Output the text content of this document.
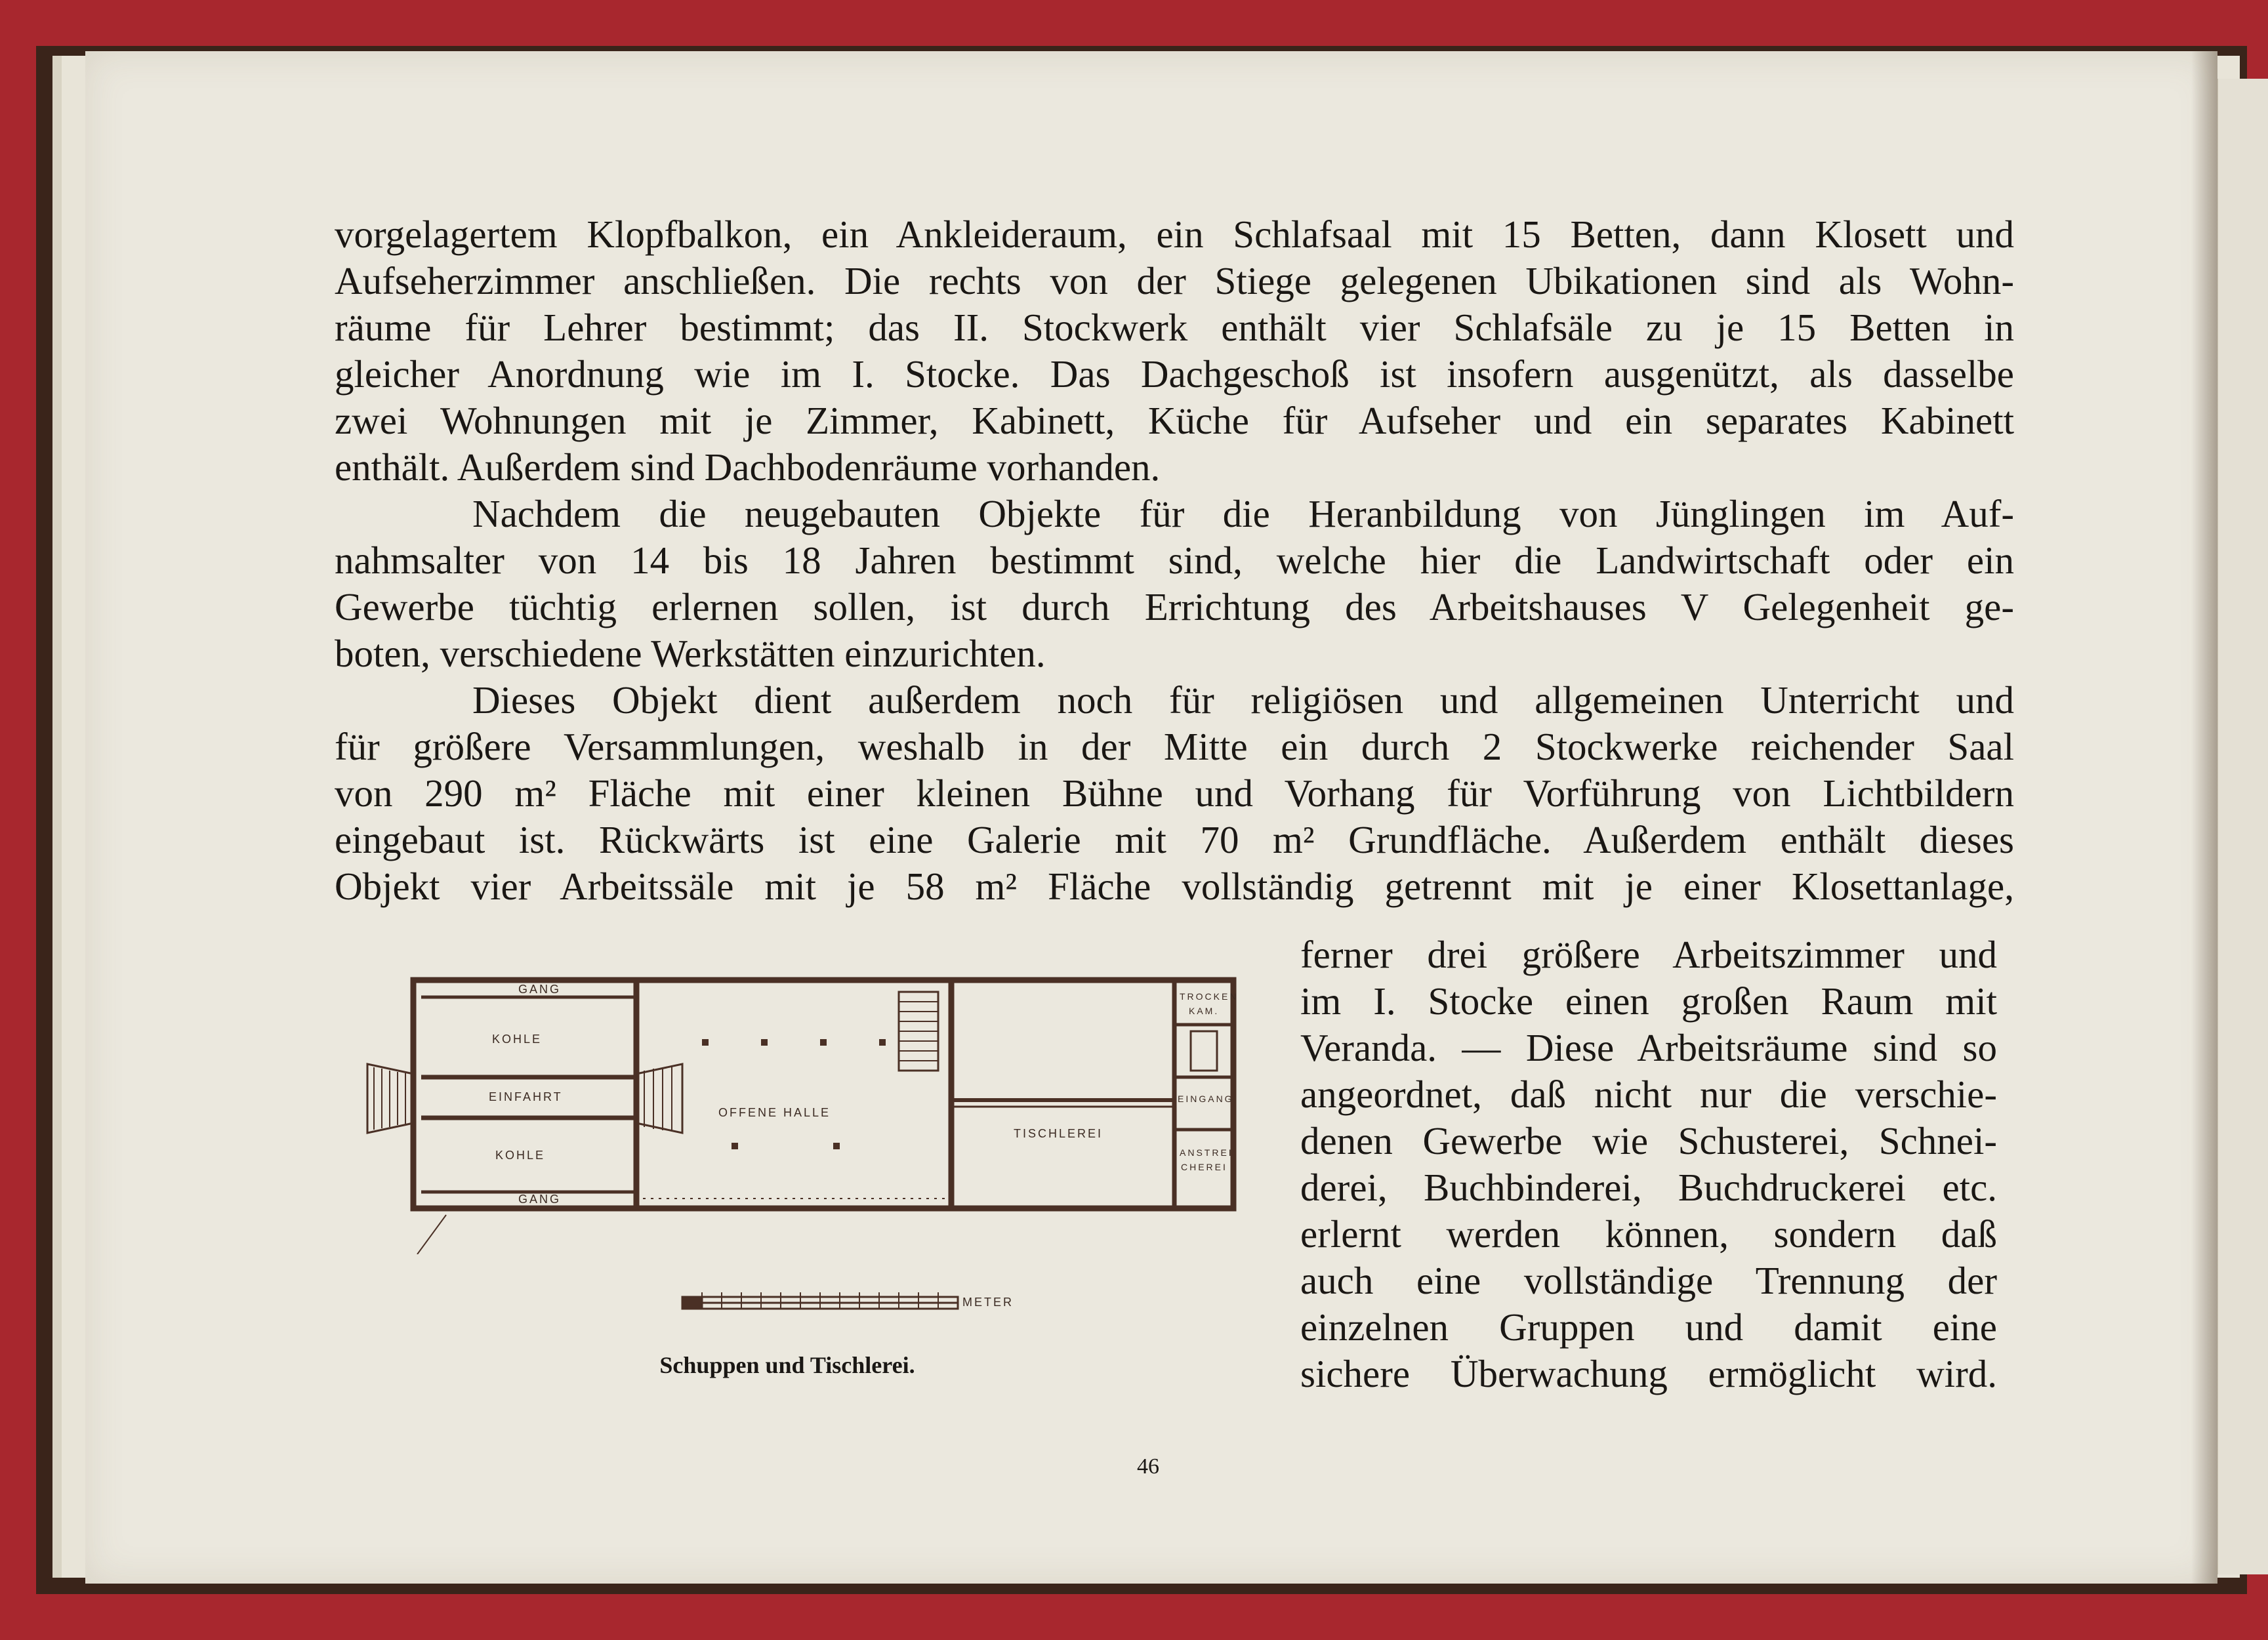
vorgelagertem Klopfbalkon, ein Ankleideraum, ein Schlafsaal mit 15 Betten, dann Klosett und
Aufseherzimmer anschließen. Die rechts von der Stiege gelegenen Ubikationen sind als Wohn-
räume für Lehrer bestimmt; das II. Stockwerk enthält vier Schlafsäle zu je 15 Betten in
gleicher Anordnung wie im I. Stocke. Das Dachgeschoß ist insofern ausgenützt, als dasselbe
zwei Wohnungen mit je Zimmer, Kabinett, Küche für Aufseher und ein separates Kabinett
enthält. Außerdem sind Dachbodenräume vorhanden.
Nachdem die neugebauten Objekte für die Heranbildung von Jünglingen im Auf-
nahmsalter von 14 bis 18 Jahren bestimmt sind, welche hier die Landwirtschaft oder ein
Gewerbe tüchtig erlernen sollen, ist durch Errichtung des Arbeitshauses V Gelegenheit ge-
boten, verschiedene Werkstätten einzurichten.
Dieses Objekt dient außerdem noch für religiösen und allgemeinen Unterricht und
für größere Versammlungen, weshalb in der Mitte ein durch 2 Stockwerke reichender Saal
von 290 m² Fläche mit einer kleinen Bühne und Vorhang für Vorführung von Lichtbildern
eingebaut ist. Rückwärts ist eine Galerie mit 70 m² Grundfläche. Außerdem enthält dieses
Objekt vier Arbeitssäle mit je 58 m² Fläche vollständig getrennt mit je einer Klosettanlage,
ferner drei größere Arbeitszimmer und
im I. Stocke einen großen Raum mit
Veranda. — Diese Arbeitsräume sind so
angeordnet, daß nicht nur die verschie-
denen Gewerbe wie Schusterei, Schnei-
derei, Buchbinderei, Buchdruckerei etc.
erlernt werden können, sondern daß
auch eine vollständige Trennung der
einzelnen Gruppen und damit eine
sichere Überwachung ermöglicht wird.
GANG
KOHLE
EINFAHRT
KOHLE
GANG
OFFENE HALLE
TISCHLEREI
TROCKEN
KAM.
EINGANG
ANSTREI
CHEREI
METER
Schuppen und Tischlerei.
46
